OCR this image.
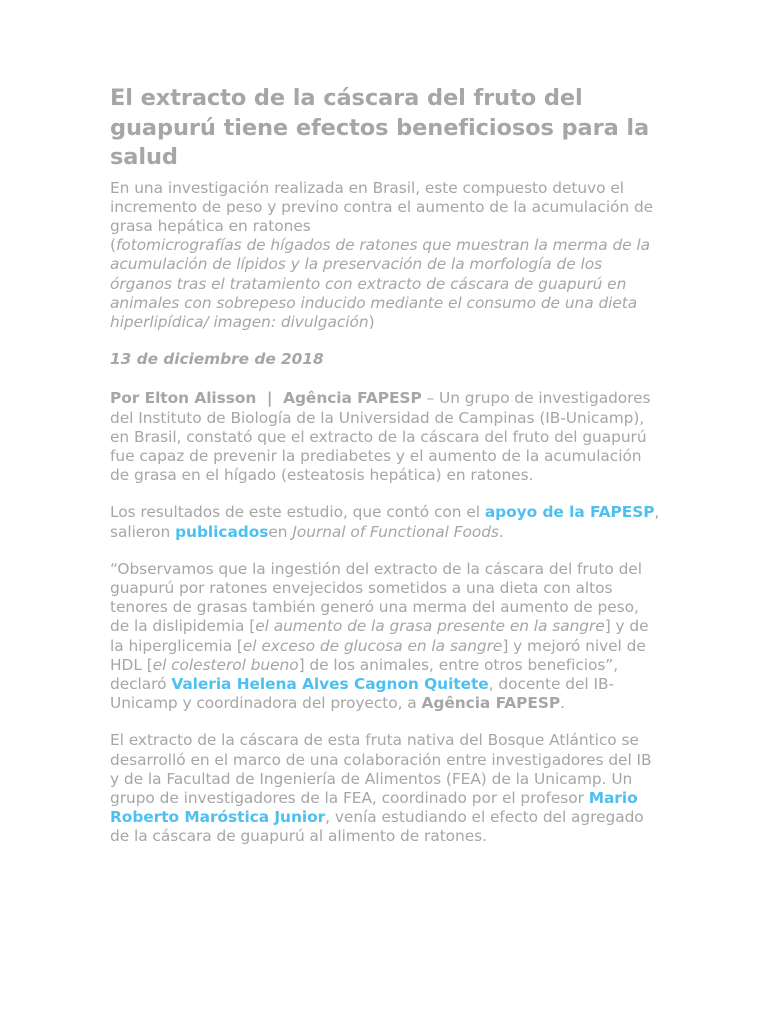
El extracto de la cáscara del fruto del guapurú tiene efectos beneficiosos para la salud

En una investigación realizada en Brasil, este compuesto detuvo el incremento de peso y previno contra el aumento de la acumulación de grasa hepática en ratones
(fotomicrografías de hígados de ratones que muestran la merma de la acumulación de lípidos y la preservación de la morfología de los órganos tras el tratamiento con extracto de cáscara de guapurú en animales con sobrepeso inducido mediante el consumo de una dieta hiperlipídica/ imagen: divulgación)

13 de diciembre de 2018

Por Elton Alisson  |  Agência FAPESP – Un grupo de investigadores del Instituto de Biología de la Universidad de Campinas (IB-Unicamp), en Brasil, constató que el extracto de la cáscara del fruto del guapurú fue capaz de prevenir la prediabetes y el aumento de la acumulación de grasa en el hígado (esteatosis hepática) en ratones.

Los resultados de este estudio, que contó con el apoyo de la FAPESP, salieron publicadosen Journal of Functional Foods.

“Observamos que la ingestión del extracto de la cáscara del fruto del guapurú por ratones envejecidos sometidos a una dieta con altos tenores de grasas también generó una merma del aumento de peso, de la dislipidemia [el aumento de la grasa presente en la sangre] y de la hiperglicemia [el exceso de glucosa en la sangre] y mejoró nivel de HDL [el colesterol bueno] de los animales, entre otros beneficios”, declaró Valeria Helena Alves Cagnon Quitete, docente del IB-Unicamp y coordinadora del proyecto, a Agência FAPESP.

El extracto de la cáscara de esta fruta nativa del Bosque Atlántico se desarrolló en el marco de una colaboración entre investigadores del IB y de la Facultad de Ingeniería de Alimentos (FEA) de la Unicamp. Un grupo de investigadores de la FEA, coordinado por el profesor Mario Roberto Maróstica Junior, venía estudiando el efecto del agregado de la cáscara de guapurú al alimento de ratones.
